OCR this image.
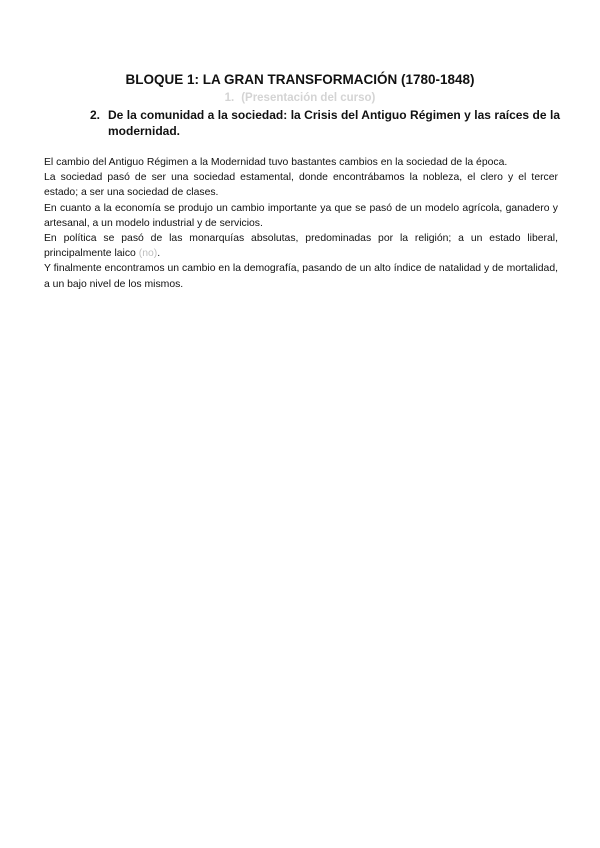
BLOQUE 1: LA GRAN TRANSFORMACIÓN (1780-1848)
1. (Presentación del curso)
2. De la comunidad a la sociedad: la Crisis del Antiguo Régimen y las raíces de la modernidad.

El cambio del Antiguo Régimen a la Modernidad tuvo bastantes cambios en la sociedad de la época.

La sociedad pasó de ser una sociedad estamental, donde encontrábamos la nobleza, el clero y el tercer estado; a ser una sociedad de clases.

En cuanto a la economía se produjo un cambio importante ya que se pasó de un modelo agrícola, ganadero y artesanal, a un modelo industrial y de servicios.

En política se pasó de las monarquías absolutas, predominadas por la religión; a un estado liberal, principalmente laico (no).

Y finalmente encontramos un cambio en la demografía, pasando de un alto índice de natalidad y de mortalidad, a un bajo nivel de los mismos.
